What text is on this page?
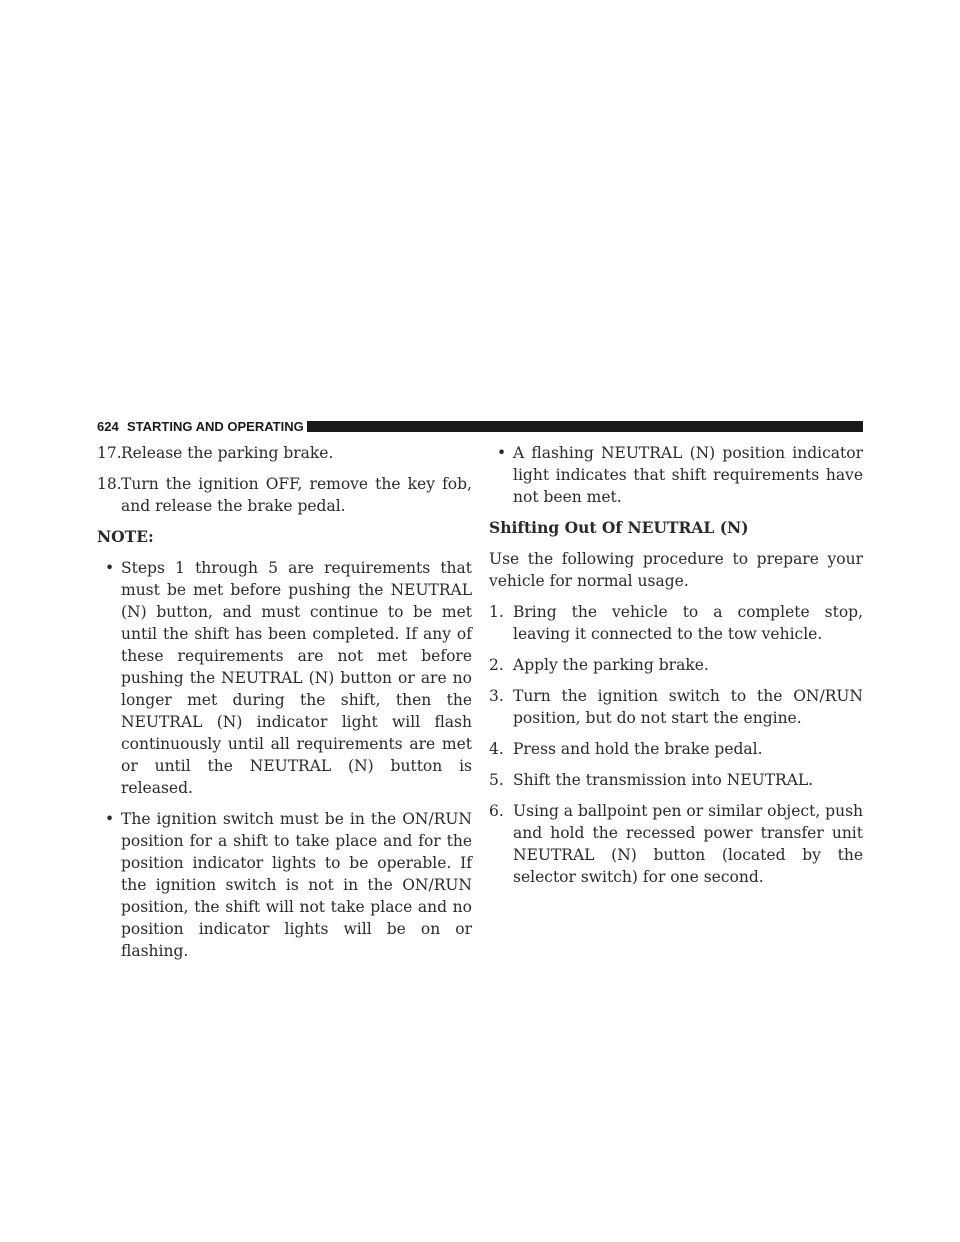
624 STARTING AND OPERATING
17. Release the parking brake.
18. Turn the ignition OFF, remove the key fob, and release the brake pedal.

NOTE:

• Steps 1 through 5 are requirements that must be met before pushing the NEUTRAL (N) button, and must continue to be met until the shift has been completed. If any of these requirements are not met before pushing the NEUTRAL (N) button or are no longer met during the shift, then the NEUTRAL (N) indicator light will flash continuously until all requirements are met or until the NEUTRAL (N) button is released.
• The ignition switch must be in the ON/RUN position for a shift to take place and for the position indicator lights to be operable. If the ignition switch is not in the ON/RUN position, the shift will not take place and no position indicator lights will be on or flashing.
• A flashing NEUTRAL (N) position indicator light indicates that shift requirements have not been met.

Shifting Out Of NEUTRAL (N)

Use the following procedure to prepare your vehicle for normal usage.

1. Bring the vehicle to a complete stop, leaving it connected to the tow vehicle.
2. Apply the parking brake.
3. Turn the ignition switch to the ON/RUN position, but do not start the engine.
4. Press and hold the brake pedal.
5. Shift the transmission into NEUTRAL.
6. Using a ballpoint pen or similar object, push and hold the recessed power transfer unit NEUTRAL (N) button (located by the selector switch) for one second.
